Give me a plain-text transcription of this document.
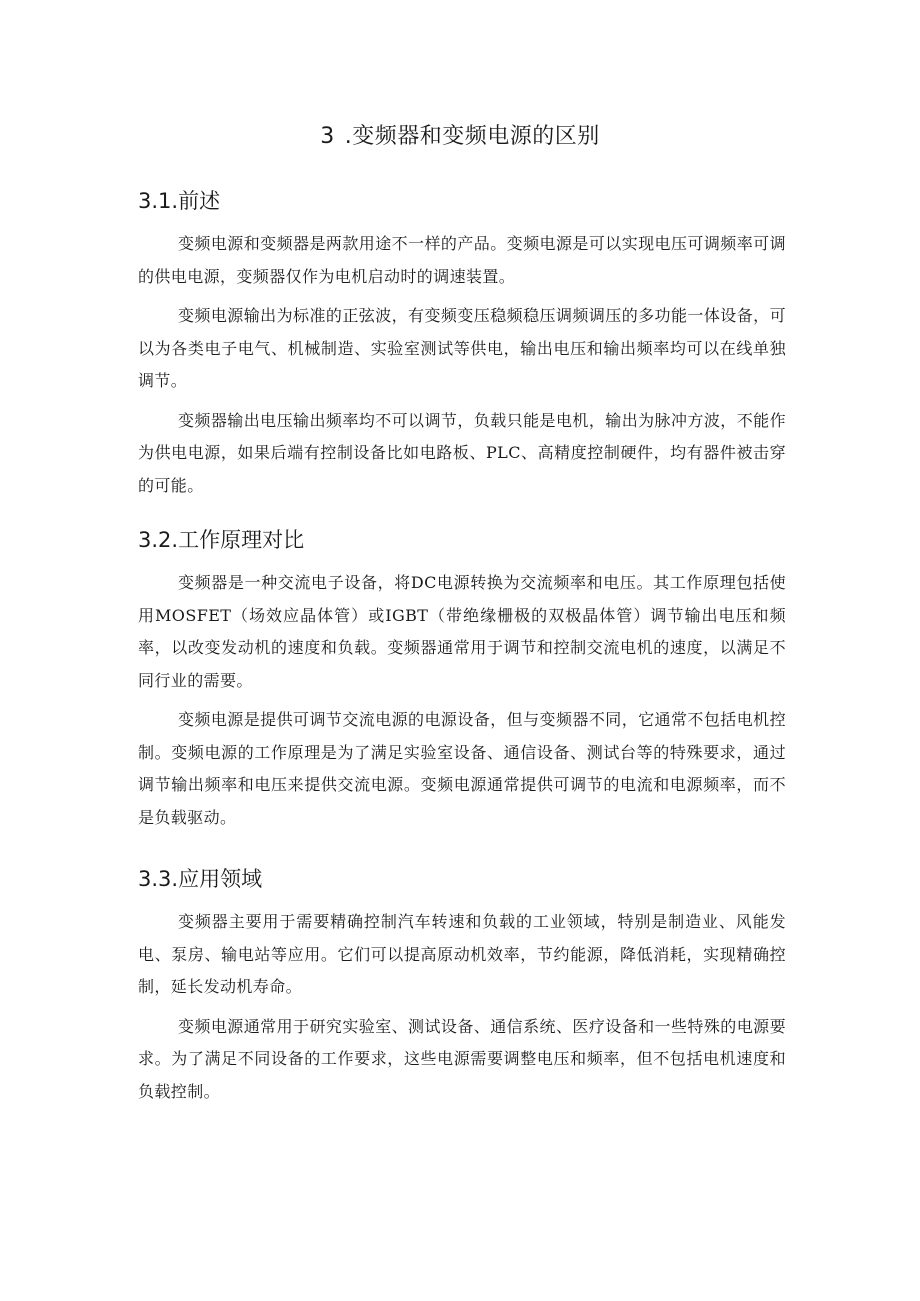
3 .变频器和变频电源的区别
3.1.前述

变频电源和变频器是两款用途不一样的产品。变频电源是可以实现电压可调频率可调的供电电源，变频器仅作为电机启动时的调速装置。

变频电源输出为标准的正弦波，有变频变压稳频稳压调频调压的多功能一体设备，可以为各类电子电气、机械制造、实验室测试等供电，输出电压和输出频率均可以在线单独调节。

变频器输出电压输出频率均不可以调节，负载只能是电机，输出为脉冲方波，不能作为供电电源，如果后端有控制设备比如电路板、PLC、高精度控制硬件，均有器件被击穿的可能。

3.2.工作原理对比

变频器是一种交流电子设备，将DC电源转换为交流频率和电压。其工作原理包括使用MOSFET（场效应晶体管）或IGBT（带绝缘栅极的双极晶体管）调节输出电压和频率，以改变发动机的速度和负载。变频器通常用于调节和控制交流电机的速度，以满足不同行业的需要。

变频电源是提供可调节交流电源的电源设备，但与变频器不同，它通常不包括电机控制。变频电源的工作原理是为了满足实验室设备、通信设备、测试台等的特殊要求，通过调节输出频率和电压来提供交流电源。变频电源通常提供可调节的电流和电源频率，而不是负载驱动。

3.3.应用领域

变频器主要用于需要精确控制汽车转速和负载的工业领域，特别是制造业、风能发电、泵房、输电站等应用。它们可以提高原动机效率，节约能源，降低消耗，实现精确控制，延长发动机寿命。

变频电源通常用于研究实验室、测试设备、通信系统、医疗设备和一些特殊的电源要求。为了满足不同设备的工作要求，这些电源需要调整电压和频率，但不包括电机速度和负载控制。
